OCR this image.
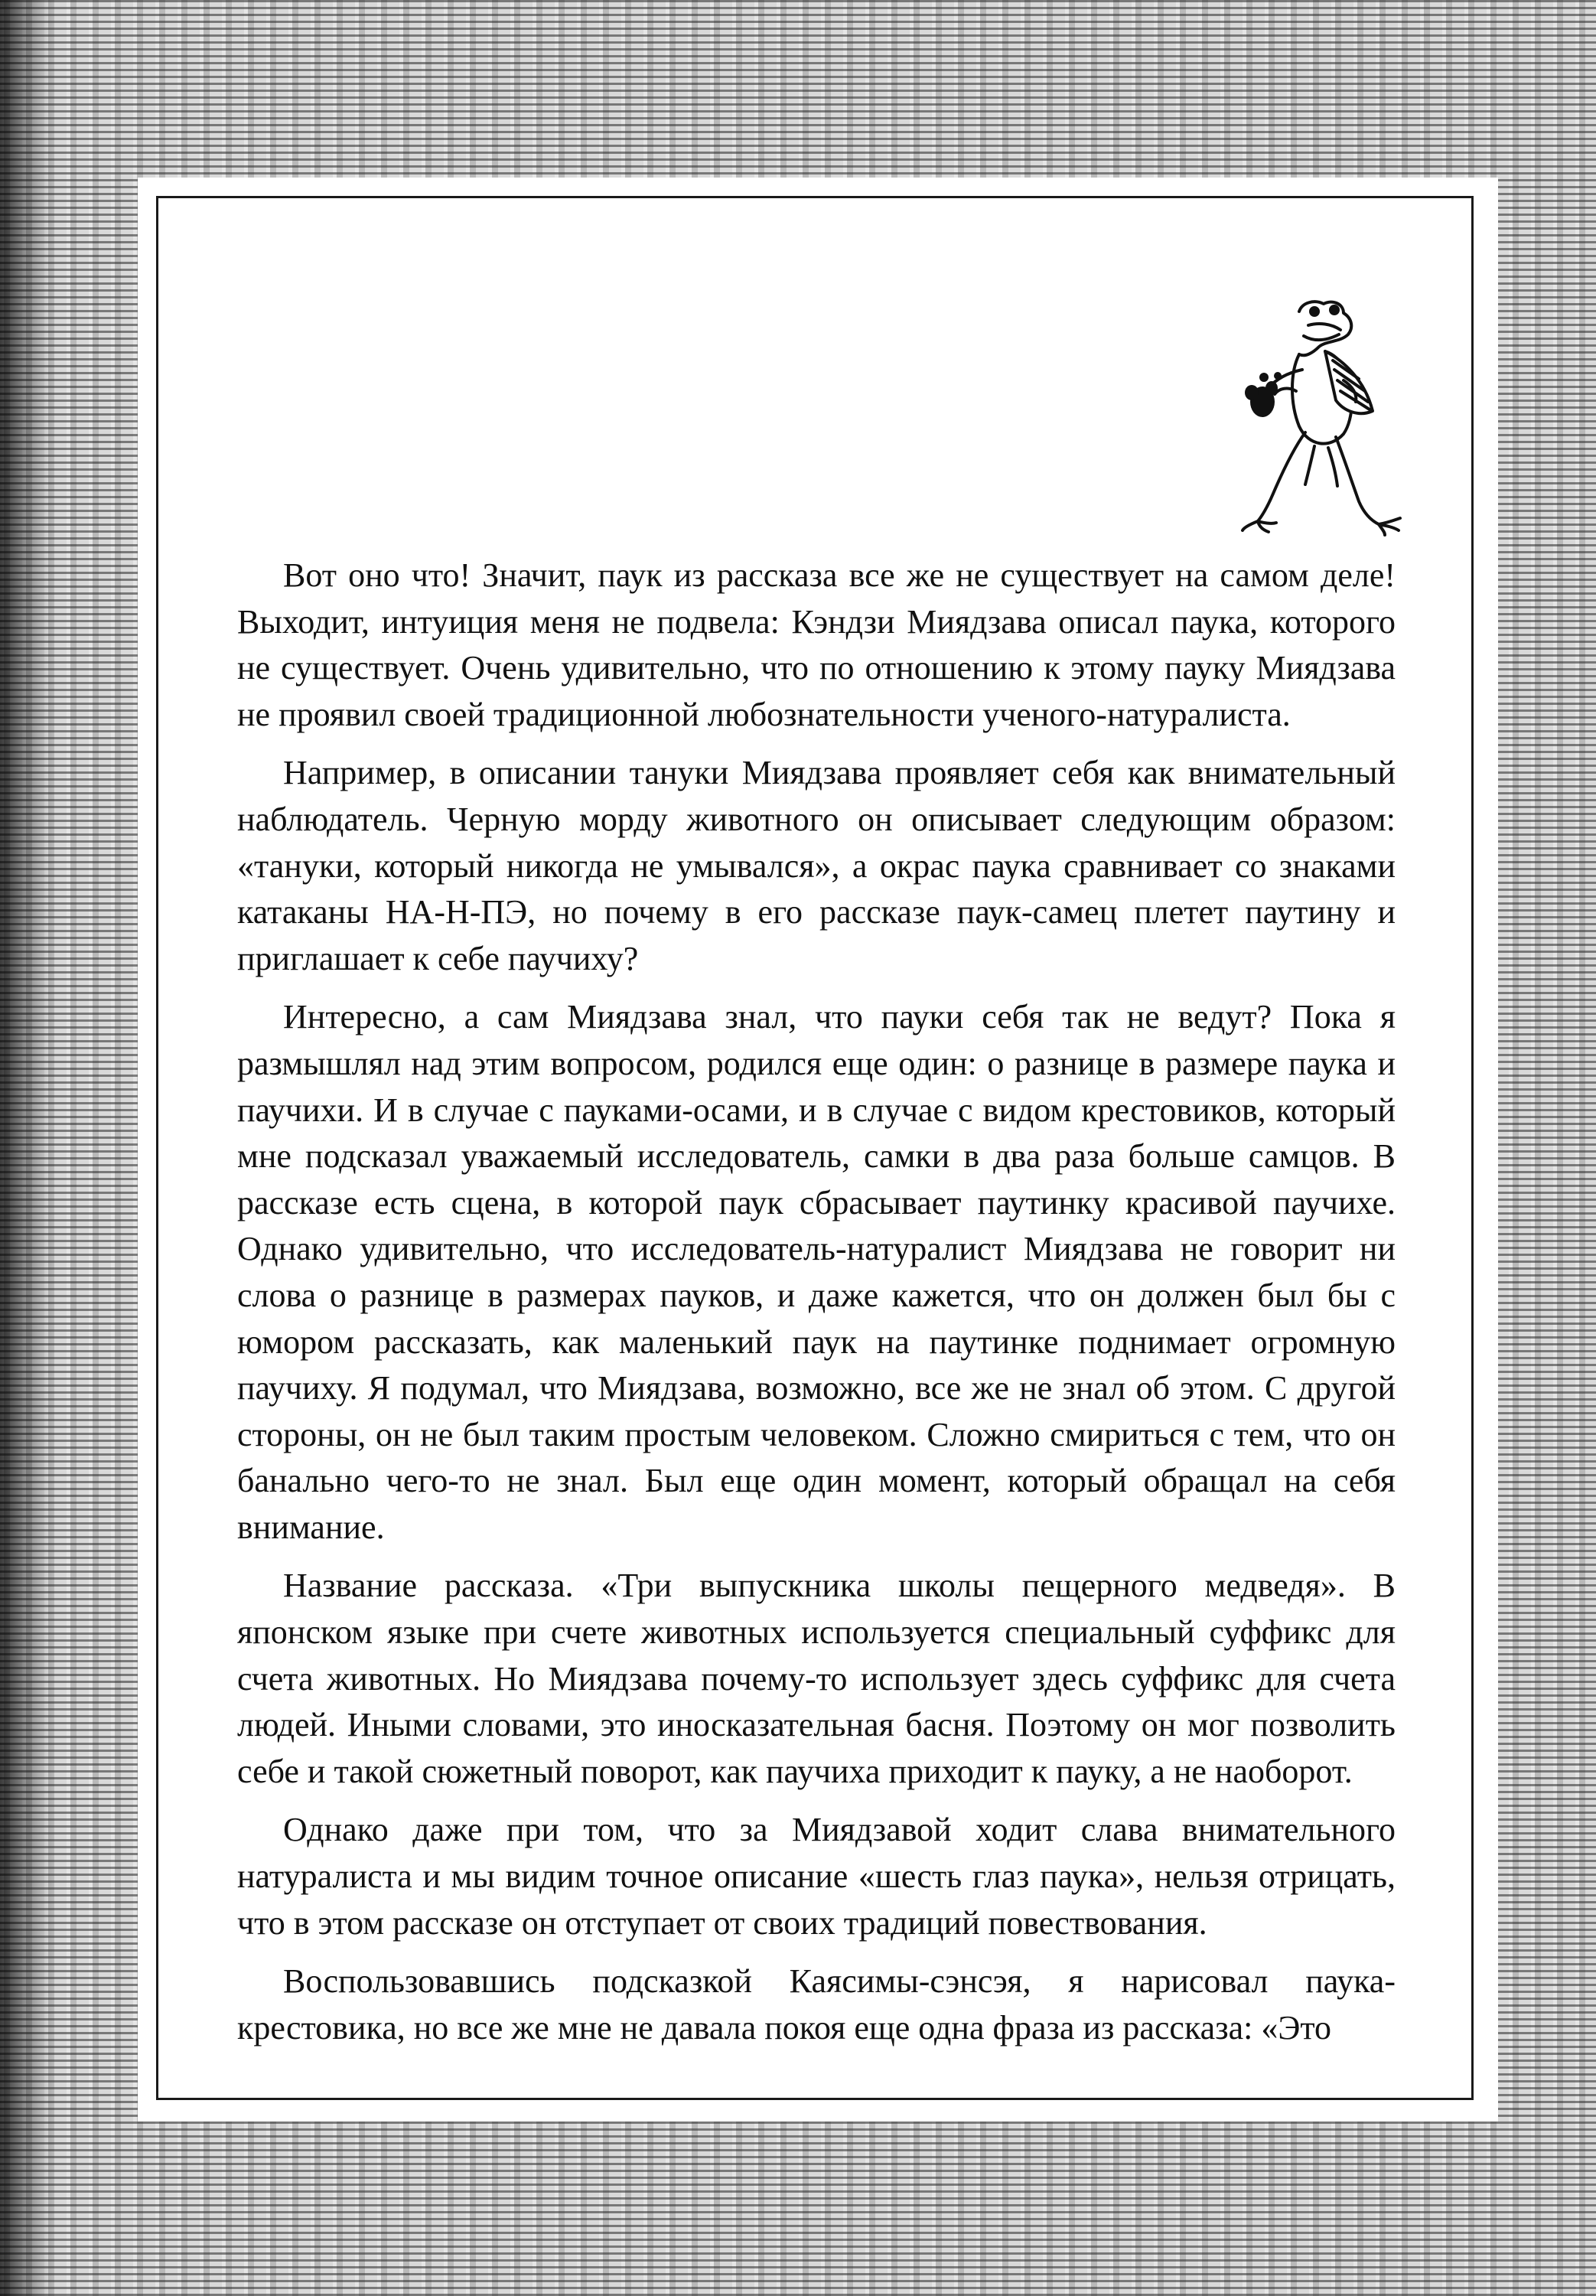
Вот оно что! Значит, паук из рассказа все же не существует на самом деле! Выходит, интуиция меня не подвела: Кэндзи Миядзава описал паука, которого не существует. Очень удивительно, что по отношению к этому пауку Миядзава не проявил своей традиционной любознательности ученого-натуралиста.

Например, в описании тануки Миядзава проявляет себя как внимательный наблюдатель. Черную морду животного он описывает следующим образом: «тануки, который никогда не умывался», а окрас паука сравнивает со знаками катаканы НА-Н-ПЭ, но почему в его рассказе паук-самец плетет паутину и приглашает к себе паучиху?

Интересно, а сам Миядзава знал, что пауки себя так не ведут? Пока я размышлял над этим вопросом, родился еще один: о разнице в размере паука и паучихи. И в случае с пауками-осами, и в случае с видом крестовиков, который мне подсказал уважаемый исследователь, самки в два раза больше самцов. В рассказе есть сцена, в которой паук сбрасывает паутинку красивой паучихе. Однако удивительно, что исследователь-натуралист Миядзава не говорит ни слова о разнице в размерах пауков, и даже кажется, что он должен был бы с юмором рассказать, как маленький паук на паутинке поднимает огромную паучиху. Я подумал, что Миядзава, возможно, все же не знал об этом. С другой стороны, он не был таким простым человеком. Сложно смириться с тем, что он банально чего-то не знал. Был еще один момент, который обращал на себя внимание.

Название рассказа. «Три выпускника школы пещерного медведя». В японском языке при счете животных используется специальный суффикс для счета животных. Но Миядзава почему-то использует здесь суффикс для счета людей. Иными словами, это иносказательная басня. Поэтому он мог позволить себе и такой сюжетный поворот, как паучиха приходит к пауку, а не наоборот.

Однако даже при том, что за Миядзавой ходит слава внимательного натуралиста и мы видим точное описание «шесть глаз паука», нельзя отрицать, что в этом рассказе он отступает от своих традиций повествования.

Воспользовавшись подсказкой Каясимы-сэнсэя, я нарисовал паука-крестовика, но все же мне не давала покоя еще одна фраза из рассказа: «Это
